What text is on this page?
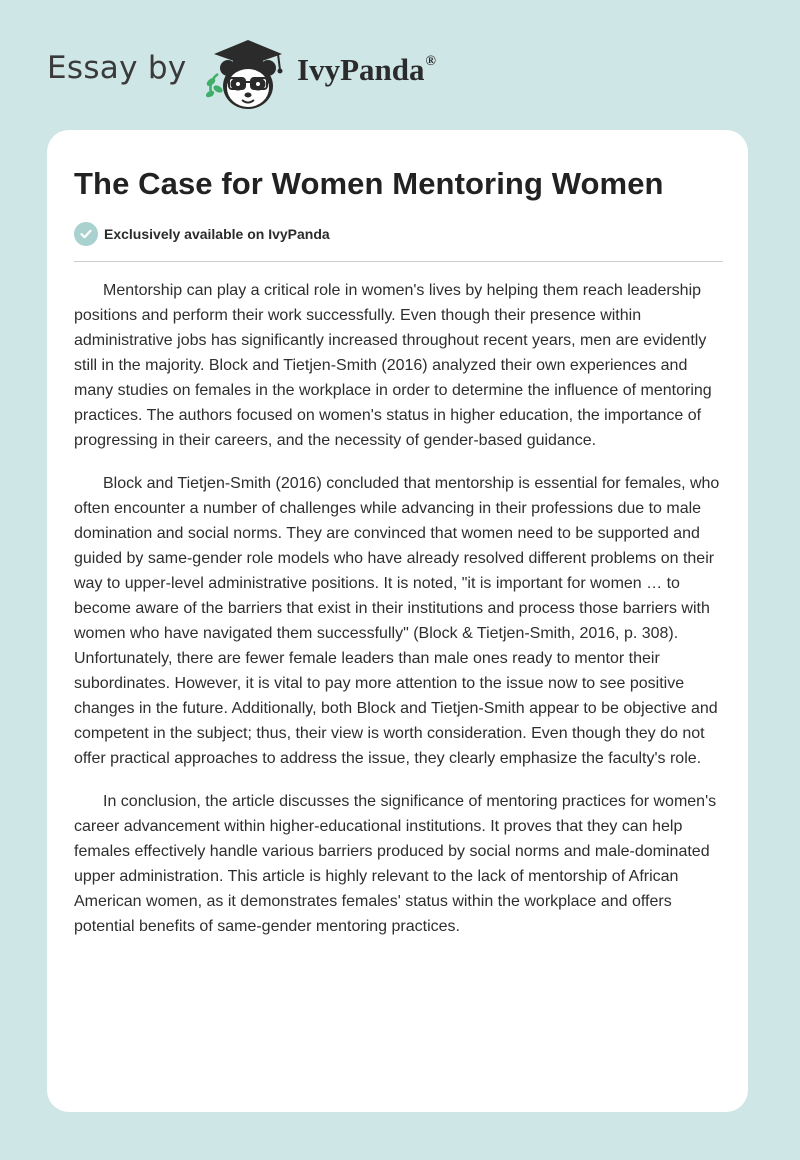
Essay by	IvyPanda®
The Case for Women Mentoring Women
Exclusively available on IvyPanda

Mentorship can play a critical role in women's lives by helping them reach leadership positions and perform their work successfully. Even though their presence within administrative jobs has significantly increased throughout recent years, men are evidently still in the majority. Block and Tietjen-Smith (2016) analyzed their own experiences and many studies on females in the workplace in order to determine the influence of mentoring practices. The authors focused on women's status in higher education, the importance of progressing in their careers, and the necessity of gender-based guidance.

Block and Tietjen-Smith (2016) concluded that mentorship is essential for females, who often encounter a number of challenges while advancing in their professions due to male domination and social norms. They are convinced that women need to be supported and guided by same-gender role models who have already resolved different problems on their way to upper-level administrative positions. It is noted, "it is important for women … to become aware of the barriers that exist in their institutions and process those barriers with women who have navigated them successfully" (Block & Tietjen-Smith, 2016, p. 308). Unfortunately, there are fewer female leaders than male ones ready to mentor their subordinates. However, it is vital to pay more attention to the issue now to see positive changes in the future. Additionally, both Block and Tietjen-Smith appear to be objective and competent in the subject; thus, their view is worth consideration. Even though they do not offer practical approaches to address the issue, they clearly emphasize the faculty's role.

In conclusion, the article discusses the significance of mentoring practices for women's career advancement within higher-educational institutions. It proves that they can help females effectively handle various barriers produced by social norms and male-dominated upper administration. This article is highly relevant to the lack of mentorship of African American women, as it demonstrates females' status within the workplace and offers potential benefits of same-gender mentoring practices.
